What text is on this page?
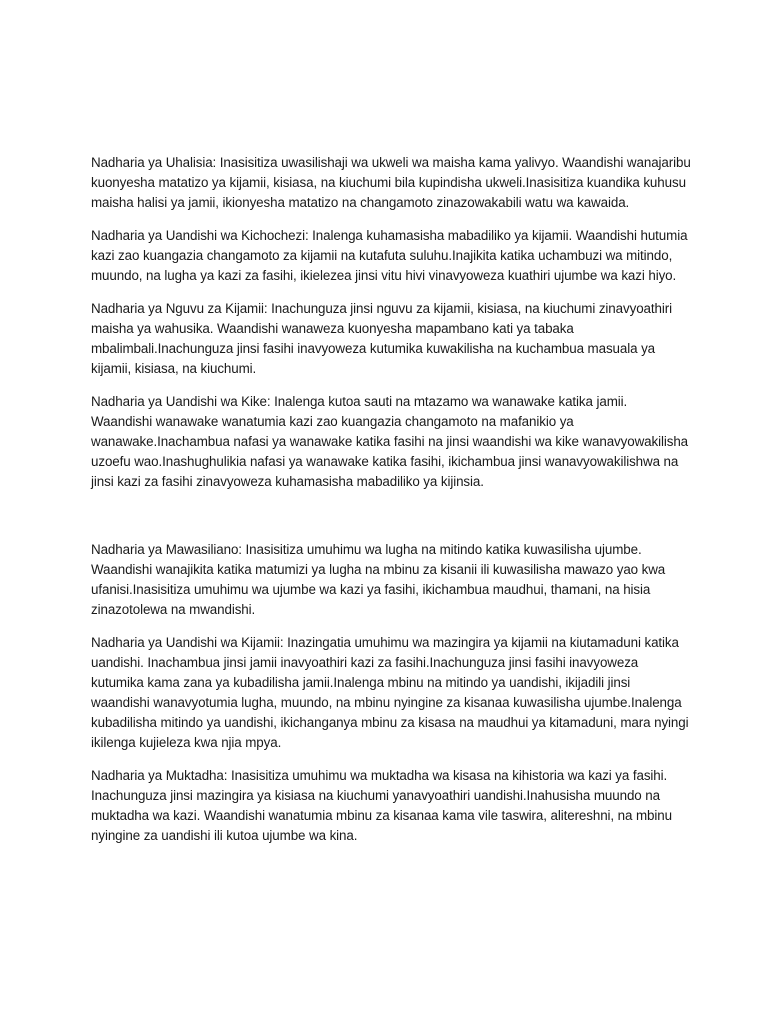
Nadharia ya Uhalisia: Inasisitiza uwasilishaji wa ukweli wa maisha kama yalivyo. Waandishi wanajaribu kuonyesha matatizo ya kijamii, kisiasa, na kiuchumi bila kupindisha ukweli.Inasisitiza kuandika kuhusu maisha halisi ya jamii, ikionyesha matatizo na changamoto zinazowakabili watu wa kawaida.

Nadharia ya Uandishi wa Kichochezi: Inalenga kuhamasisha mabadiliko ya kijamii. Waandishi hutumia kazi zao kuangazia changamoto za kijamii na kutafuta suluhu.Inajikita katika uchambuzi wa mitindo, muundo, na lugha ya kazi za fasihi, ikielezea jinsi vitu hivi vinavyoweza kuathiri ujumbe wa kazi hiyo.

Nadharia ya Nguvu za Kijamii: Inachunguza jinsi nguvu za kijamii, kisiasa, na kiuchumi zinavyoathiri maisha ya wahusika. Waandishi wanaweza kuonyesha mapambano kati ya tabaka mbalimbali.Inachunguza jinsi fasihi inavyoweza kutumika kuwakilisha na kuchambua masuala ya kijamii, kisiasa, na kiuchumi.

Nadharia ya Uandishi wa Kike: Inalenga kutoa sauti na mtazamo wa wanawake katika jamii. Waandishi wanawake wanatumia kazi zao kuangazia changamoto na mafanikio ya wanawake.Inachambua nafasi ya wanawake katika fasihi na jinsi waandishi wa kike wanavyowakilisha uzoefu wao.Inashughulikia nafasi ya wanawake katika fasihi, ikichambua jinsi wanavyowakilishwa na jinsi kazi za fasihi zinavyoweza kuhamasisha mabadiliko ya kijinsia.

Nadharia ya Mawasiliano: Inasisitiza umuhimu wa lugha na mitindo katika kuwasilisha ujumbe. Waandishi wanajikita katika matumizi ya lugha na mbinu za kisanii ili kuwasilisha mawazo yao kwa ufanisi.Inasisitiza umuhimu wa ujumbe wa kazi ya fasihi, ikichambua maudhui, thamani, na hisia zinazotolewa na mwandishi.

Nadharia ya Uandishi wa Kijamii: Inazingatia umuhimu wa mazingira ya kijamii na kiutamaduni katika uandishi. Inachambua jinsi jamii inavyoathiri kazi za fasihi.Inachunguza jinsi fasihi inavyoweza kutumika kama zana ya kubadilisha jamii.Inalenga mbinu na mitindo ya uandishi, ikijadili jinsi waandishi wanavyotumia lugha, muundo, na mbinu nyingine za kisanaa kuwasilisha ujumbe.Inalenga kubadilisha mitindo ya uandishi, ikichanganya mbinu za kisasa na maudhui ya kitamaduni, mara nyingi ikilenga kujieleza kwa njia mpya.

Nadharia ya Muktadha: Inasisitiza umuhimu wa muktadha wa kisasa na kihistoria wa kazi ya fasihi. Inachunguza jinsi mazingira ya kisiasa na kiuchumi yanavyoathiri uandishi.Inahusisha muundo na muktadha wa kazi. Waandishi wanatumia mbinu za kisanaa kama vile taswira, alitereshni, na mbinu nyingine za uandishi ili kutoa ujumbe wa kina.
